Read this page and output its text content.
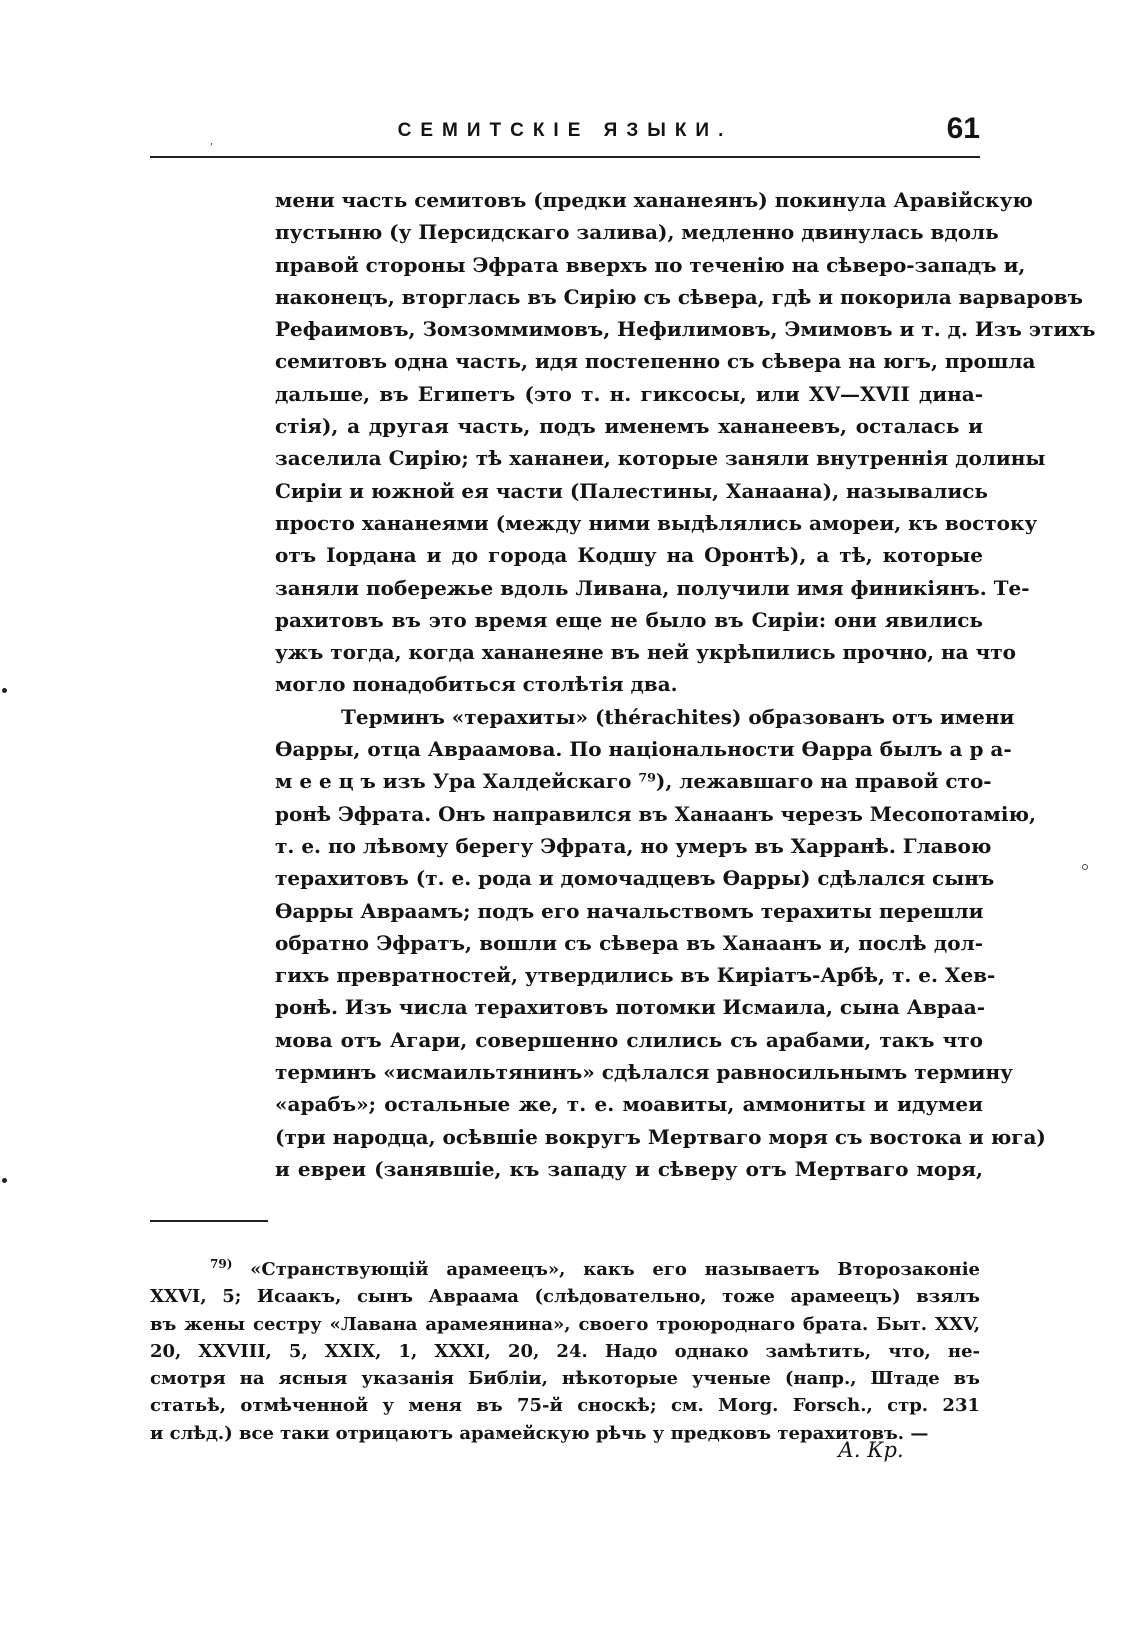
,
СЕМИТСКІЕ ЯЗЫКИ.	61
мени часть семитовъ (предки хананеянъ) покинула Аравійскую
пустыню (у Персидскаго залива), медленно двинулась вдоль
правой стороны Эфрата вверхъ по теченію на сѣверо-западъ и,
наконецъ, вторглась въ Сирію съ сѣвера, гдѣ и покорила варваровъ
Рефаимовъ, Зомзоммимовъ, Нефилимовъ, Эмимовъ и т. д. Изъ этихъ
семитовъ одна часть, идя постепенно съ сѣвера на югъ, прошла
дальше, въ Египетъ (это т. н. гиксосы, или XV—XVII дина-
стія), а другая часть, подъ именемъ хананеевъ, осталась и
заселила Сирію; тѣ хананеи, которые заняли внутреннія долины
Сиріи и южной ея части (Палестины, Ханаана), назывались
просто хананеями (между ними выдѣлялись амореи, къ востоку
отъ Іордана и до города Кодшу на Оронтѣ), а тѣ, которые
заняли побережье вдоль Ливана, получили имя финикіянъ. Те-
рахитовъ въ это время еще не было въ Сиріи: они явились
ужъ тогда, когда хананеяне въ ней укрѣпились прочно, на что
могло понадобиться столѣтія два.
Терминъ «терахиты» (thérachites) образованъ отъ имени
Ѳарры, отца Авраамова. По національности Ѳарра былъ а р а-
м е е ц ъ изъ Ура Халдейскаго ⁷⁹), лежавшаго на правой сто-
ронѣ Эфрата. Онъ направился въ Ханаанъ черезъ Месопотамію,
т. е. по лѣвому берегу Эфрата, но умеръ въ Харранѣ. Главою
терахитовъ (т. е. рода и домочадцевъ Ѳарры) сдѣлался сынъ
Ѳарры Авраамъ; подъ его начальствомъ терахиты перешли
обратно Эфратъ, вошли съ сѣвера въ Ханаанъ и, послѣ дол-
гихъ превратностей, утвердились въ Киріатъ-Арбѣ, т. е. Хев-
ронѣ. Изъ числа терахитовъ потомки Исмаила, сына Авраа-
мова отъ Агари, совершенно слились съ арабами, такъ что
терминъ «исмаильтянинъ» сдѣлался равносильнымъ термину
«арабъ»; остальные же, т. е. моавиты, аммониты и идумеи
(три народца, осѣвшіе вокругъ Мертваго моря съ востока и юга)
и евреи (занявшіе, къ западу и сѣверу отъ Мертваго моря,
$^{79)}$ «Странствующій арамеецъ», какъ его называетъ Второзаконіе
XXVI, 5; Исаакъ, сынъ Авраама (слѣдовательно, тоже арамеецъ) взялъ
въ жены сестру «Лавана арамеянина», своего троюроднаго брата. Быт. XXV,
20, XXVIII, 5, XXIX, 1, XXXI, 20, 24. Надо однако замѣтить, что, не-
смотря на ясныя указанія Библіи, нѣкоторые ученые (напр., Штаде въ
статьѣ, отмѣченной у меня въ 75-й сноскѣ; см. Morg. Forsch., стр. 231
и слѣд.) все таки отрицаютъ арамейскую рѣчь у предковъ терахитовъ. —
А. Кр.
